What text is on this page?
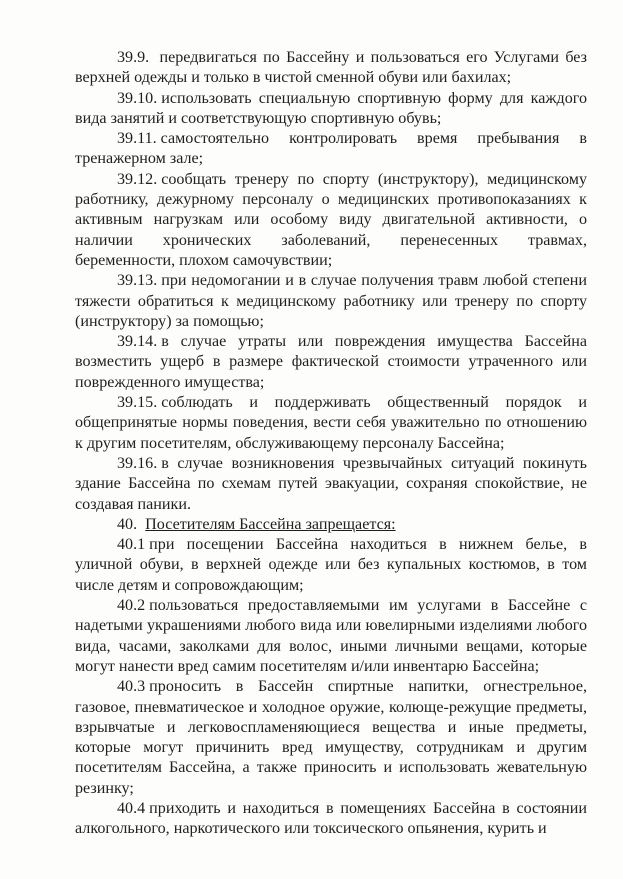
39.9. передвигаться по Бассейну и пользоваться его Услугами без верхней одежды и только в чистой сменной обуви или бахилах;

39.10. использовать специальную спортивную форму для каждого вида занятий и соответствующую спортивную обувь;

39.11. самостоятельно контролировать время пребывания в тренажерном зале;

39.12. сообщать тренеру по спорту (инструктору), медицинскому работнику, дежурному персоналу о медицинских противопоказаниях к активным нагрузкам или особому виду двигательной активности, о наличии хронических заболеваний, перенесенных травмах, беременности, плохом самочувствии;

39.13. при недомогании и в случае получения травм любой степени тяжести обратиться к медицинскому работнику или тренеру по спорту (инструктору) за помощью;

39.14. в случае утраты или повреждения имущества Бассейна возместить ущерб в размере фактической стоимости утраченного или поврежденного имущества;

39.15. соблюдать и поддерживать общественный порядок и общепринятые нормы поведения, вести себя уважительно по отношению к другим посетителям, обслуживающему персоналу Бассейна;

39.16. в случае возникновения чрезвычайных ситуаций покинуть здание Бассейна по схемам путей эвакуации, сохраняя спокойствие, не создавая паники.

40. Посетителям Бассейна запрещается:

40.1 при посещении Бассейна находиться в нижнем белье, в уличной обуви, в верхней одежде или без купальных костюмов, в том числе детям и сопровождающим;

40.2 пользоваться предоставляемыми им услугами в Бассейне с надетыми украшениями любого вида или ювелирными изделиями любого вида, часами, заколками для волос, иными личными вещами, которые могут нанести вред самим посетителям и/или инвентарю Бассейна;

40.3 проносить в Бассейн спиртные напитки, огнестрельное, газовое, пневматическое и холодное оружие, колюще-режущие предметы, взрывчатые и легковоспламеняющиеся вещества и иные предметы, которые могут причинить вред имуществу, сотрудникам и другим посетителям Бассейна, а также приносить и использовать жевательную резинку;

40.4 приходить и находиться в помещениях Бассейна в состоянии алкогольного, наркотического или токсического опьянения, курить и
